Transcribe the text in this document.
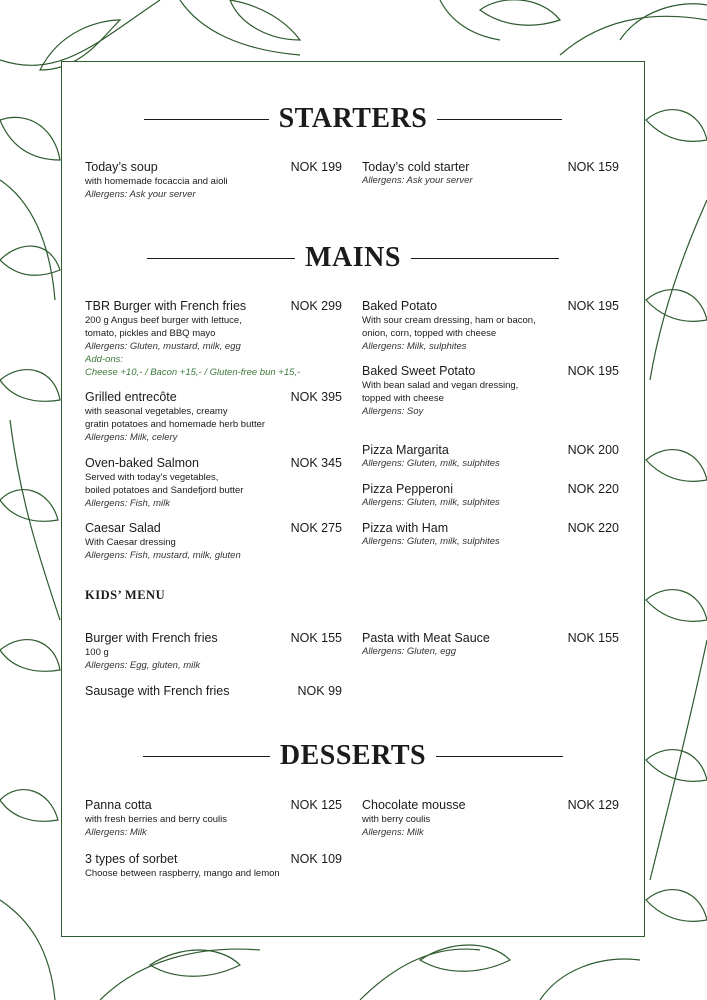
STARTERS
Today’s soup	NOK 199
with homemade focaccia and aioli
Allergens: Ask your server
Today’s cold starter	NOK 159
Allergens: Ask your server
MAINS
TBR Burger with French fries	NOK 299
200 g Angus beef burger with lettuce,
tomato, pickles and BBQ mayo
Allergens: Gluten, mustard, milk, egg
Add-ons:
Cheese +10,- / Bacon +15,- / Gluten-free bun +15,-
Grilled entrecôte	NOK 395
with seasonal vegetables, creamy
gratin potatoes and homemade herb butter
Allergens: Milk, celery
Oven-baked Salmon	NOK 345
Served with today’s vegetables,
boiled potatoes and Sandefjord butter
Allergens: Fish, milk
Caesar Salad	NOK 275
With Caesar dressing
Allergens: Fish, mustard, milk, gluten
Baked Potato	NOK 195
With sour cream dressing, ham or bacon,
onion, corn, topped with cheese
Allergens: Milk, sulphites
Baked Sweet Potato	NOK 195
With bean salad and vegan dressing,
topped with cheese
Allergens: Soy
Pizza Margarita	NOK 200
Allergens: Gluten, milk, sulphites
Pizza Pepperoni	NOK 220
Allergens: Gluten, milk, sulphites
Pizza with Ham	NOK 220
Allergens: Gluten, milk, sulphites
KIDS’ MENU
Burger with French fries	NOK 155
100 g
Allergens: Egg, gluten, milk
Sausage with French fries	NOK 99
Pasta with Meat Sauce	NOK 155
Allergens: Gluten, egg
DESSERTS
Panna cotta	NOK 125
with fresh berries and berry coulis
Allergens: Milk
3 types of sorbet	NOK 109
Choose between raspberry, mango and lemon
Chocolate mousse	NOK 129
with berry coulis
Allergens: Milk
